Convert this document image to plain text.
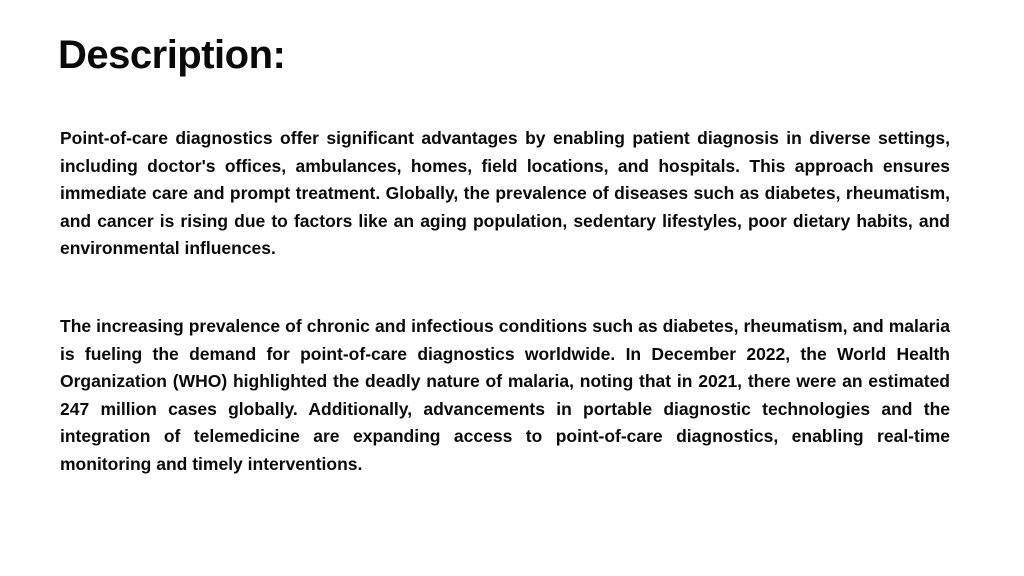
Description:

Point-of-care diagnostics offer significant advantages by enabling patient diagnosis in diverse settings, including doctor's offices, ambulances, homes, field locations, and hospitals. This approach ensures immediate care and prompt treatment. Globally, the prevalence of diseases such as diabetes, rheumatism, and cancer is rising due to factors like an aging population, sedentary lifestyles, poor dietary habits, and environmental influences.

The increasing prevalence of chronic and infectious conditions such as diabetes, rheumatism, and malaria is fueling the demand for point-of-care diagnostics worldwide. In December 2022, the World Health Organization (WHO) highlighted the deadly nature of malaria, noting that in 2021, there were an estimated 247 million cases globally. Additionally, advancements in portable diagnostic technologies and the integration of telemedicine are expanding access to point-of-care diagnostics, enabling real-time monitoring and timely interventions.
